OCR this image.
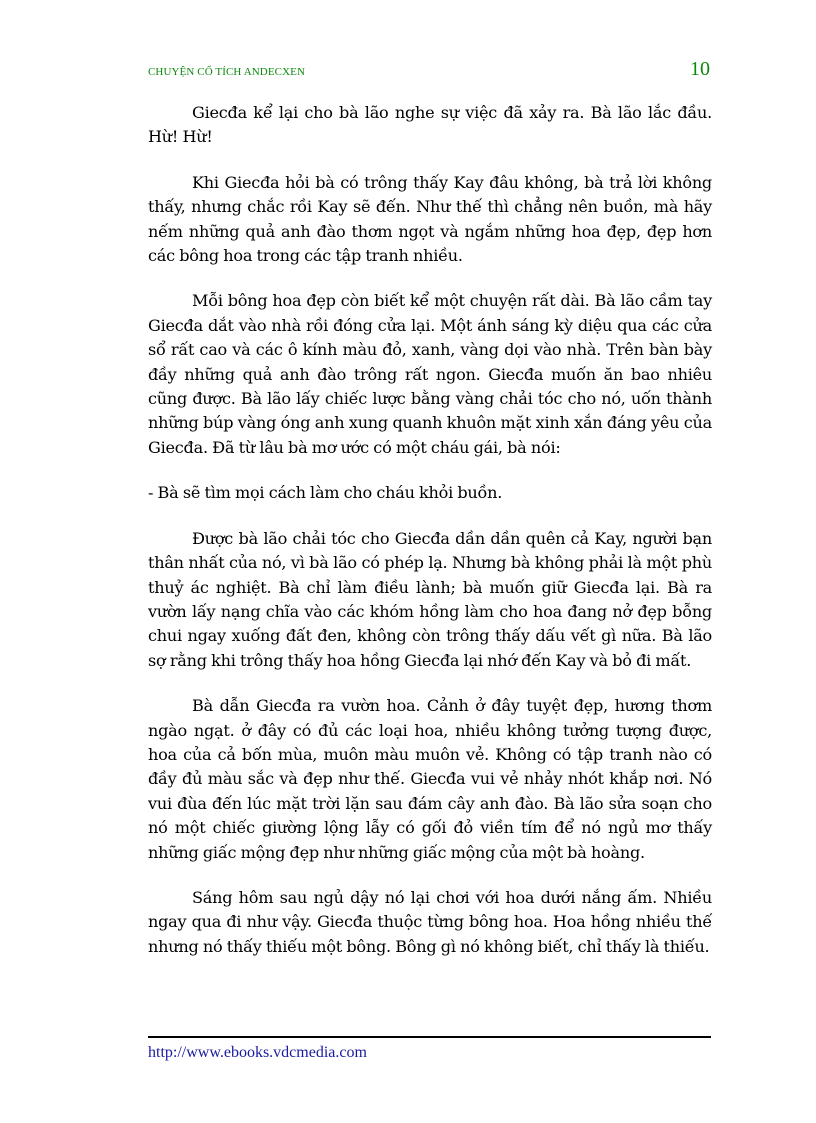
CHUYỆN CỔ TÍCH ANDECXEN	10

Giecđa kể lại cho bà lão nghe sự việc đã xảy ra. Bà lão lắc đầu. Hừ! Hừ!

Khi Giecđa hỏi bà có trông thấy Kay đâu không, bà trả lời không thấy, nhưng chắc rồi Kay sẽ đến. Như thế thì chẳng nên buồn, mà hãy nếm những quả anh đào thơm ngọt và ngắm những hoa đẹp, đẹp hơn các bông hoa trong các tập tranh nhiều.

Mỗi bông hoa đẹp còn biết kể một chuyện rất dài. Bà lão cầm tay Giecđa dắt vào nhà rồi đóng cửa lại. Một ánh sáng kỳ diệu qua các cửa sổ rất cao và các ô kính màu đỏ, xanh, vàng dọi vào nhà. Trên bàn bày đầy những quả anh đào trông rất ngon. Giecđa muốn ăn bao nhiêu cũng được. Bà lão lấy chiếc lược bằng vàng chải tóc cho nó, uốn thành những búp vàng óng anh xung quanh khuôn mặt xinh xắn đáng yêu của Giecđa. Đã từ lâu bà mơ ước có một cháu gái, bà nói:

- Bà sẽ tìm mọi cách làm cho cháu khỏi buồn.

Được bà lão chải tóc cho Giecđa dần dần quên cả Kay, người bạn thân nhất của nó, vì bà lão có phép lạ. Nhưng bà không phải là một phù thuỷ ác nghiệt. Bà chỉ làm điều lành; bà muốn giữ Giecđa lại. Bà ra vườn lấy nạng chĩa vào các khóm hồng làm cho hoa đang nở đẹp bỗng chui ngay xuống đất đen, không còn trông thấy dấu vết gì nữa. Bà lão sợ rằng khi trông thấy hoa hồng Giecđa lại nhớ đến Kay và bỏ đi mất.

Bà dẫn Giecđa ra vườn hoa. Cảnh ở đây tuyệt đẹp, hương thơm ngào ngạt. ở đây có đủ các loại hoa, nhiều không tưởng tượng được, hoa của cả bốn mùa, muôn màu muôn vẻ. Không có tập tranh nào có đầy đủ màu sắc và đẹp như thế. Giecđa vui vẻ nhảy nhót khắp nơi. Nó vui đùa đến lúc mặt trời lặn sau đám cây anh đào. Bà lão sửa soạn cho nó một chiếc giường lộng lẫy có gối đỏ viền tím để nó ngủ mơ thấy những giấc mộng đẹp như những giấc mộng của một bà hoàng.

Sáng hôm sau ngủ dậy nó lại chơi với hoa dưới nắng ấm. Nhiều ngay qua đi như vậy. Giecđa thuộc từng bông hoa. Hoa hồng nhiều thế nhưng nó thấy thiếu một bông. Bông gì nó không biết, chỉ thấy là thiếu.

http://www.ebooks.vdcmedia.com
